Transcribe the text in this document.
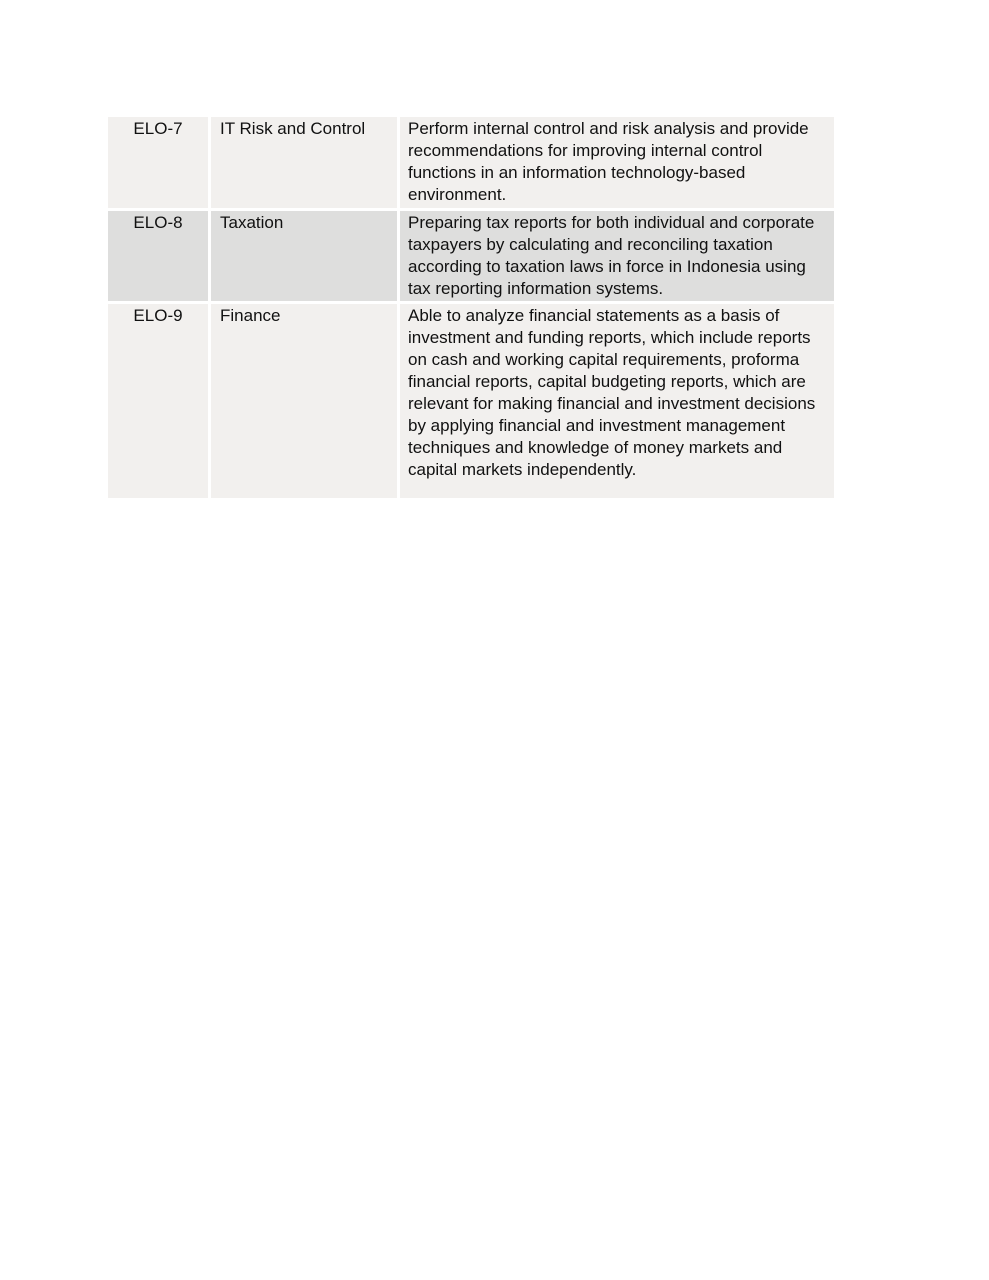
ELO-7	IT Risk and Control	Perform internal control and risk analysis and provide recommendations for improving internal control functions in an information technology-based environment.
ELO-8	Taxation	Preparing tax reports for both individual and corporate taxpayers by calculating and reconciling taxation according to taxation laws in force in Indonesia using tax reporting information systems.
ELO-9	Finance	Able to analyze financial statements as a basis of investment and funding reports, which include reports on cash and working capital requirements, proforma financial reports, capital budgeting reports, which are relevant for making financial and investment decisions by applying financial and investment management techniques and knowledge of money markets and capital markets independently.
